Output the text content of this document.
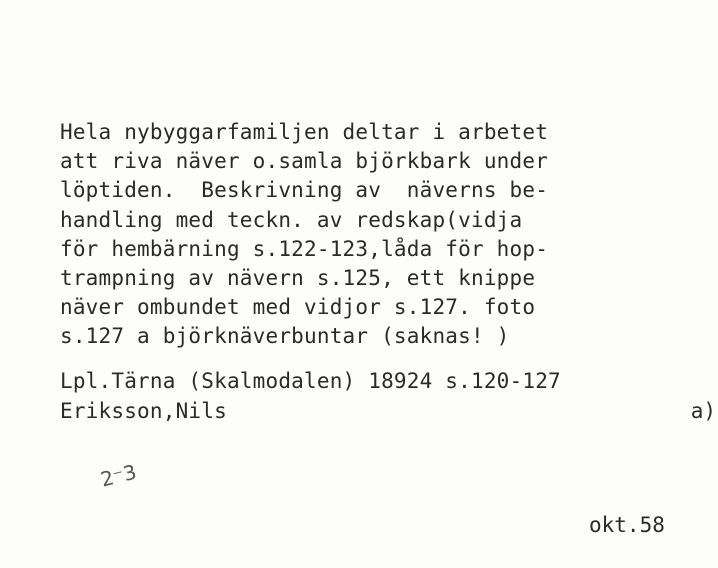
Hela nybyggarfamiljen deltar i arbetet
att riva näver o.samla björkbark under
löptiden.  Beskrivning av  näverns be-
handling med teckn. av redskap(vidja
för hembärning s.122-123,låda för hop-
trampning av nävern s.125, ett knippe
näver ombundet med vidjor s.127. foto
s.127 a björknäverbuntar (saknas! )

Lpl.Tärna (Skalmodalen) 18924 s.120-127
Eriksson,Nils	a)
2⁻3
okt.58
